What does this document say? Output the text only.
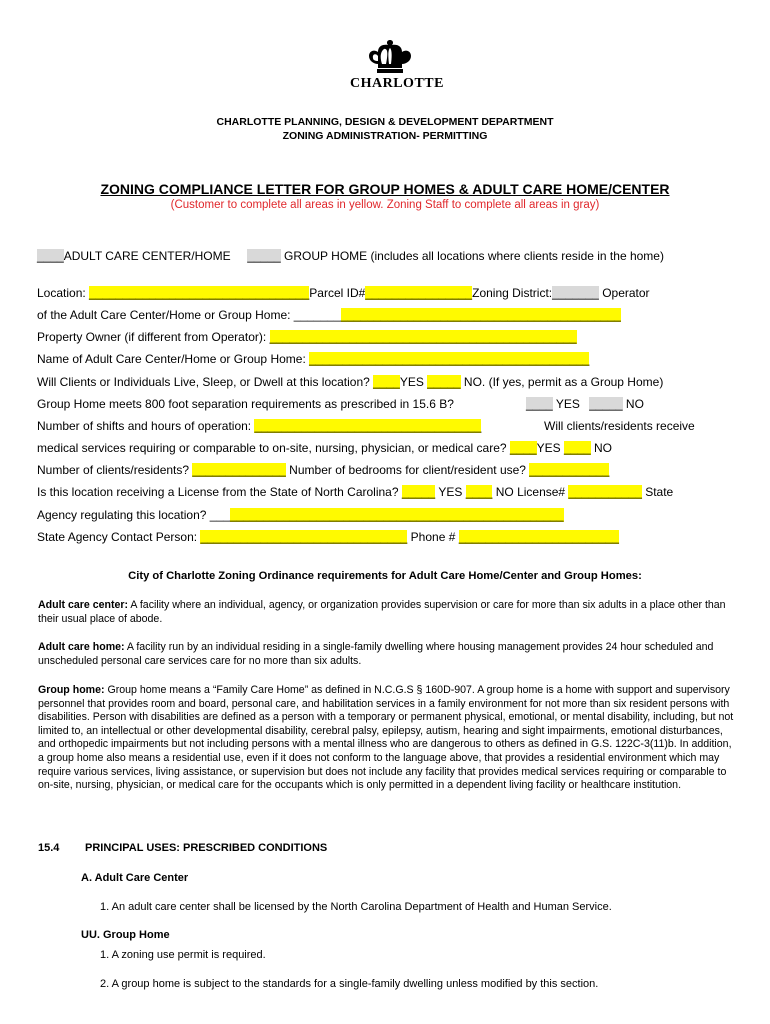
CHARLOTTE
CHARLOTTE PLANNING, DESIGN & DEVELOPMENT DEPARTMENT
ZONING ADMINISTRATION- PERMITTING
ZONING COMPLIANCE LETTER FOR GROUP HOMES & ADULT CARE HOME/CENTER
(Customer to complete all areas in yellow. Zoning Staff to complete all areas in gray)
____ADULT CARE CENTER/HOME _____ GROUP HOME (includes all locations where clients reside in the home)
Location: _________________________________Parcel ID#________________Zoning District:_______ Operator
of the Adult Care Center/Home or Group Home: _________________________________________________
Property Owner (if different from Operator): ______________________________________________
Name of Adult Care Center/Home or Group Home: __________________________________________
Will Clients or Individuals Live, Sleep, or Dwell at this location? ____YES _____ NO. (If yes, permit as a Group Home)
Group Home meets 800 foot separation requirements as prescribed in 15.6 B?	____ YES _____ NO
Number of shifts and hours of operation: __________________________________	Will clients/residents receive
medical services requiring or comparable to on-site, nursing, physician, or medical care? ____YES ____ NO
Number of clients/residents? ______________ Number of bedrooms for client/resident use? ____________
Is this location receiving a License from the State of North Carolina? _____ YES ____ NO License# ___________ State
Agency regulating this location? _____________________________________________________
State Agency Contact Person: _______________________________ Phone # ________________________
City of Charlotte Zoning Ordinance requirements for Adult Care Home/Center and Group Homes:
Adult care center: A facility where an individual, agency, or organization provides supervision or care for more than six adults in a place other than their usual place of abode.
Adult care home: A facility run by an individual residing in a single-family dwelling where housing management provides 24 hour scheduled and unscheduled personal care services care for no more than six adults.
Group home: Group home means a “Family Care Home” as defined in N.C.G.S § 160D-907. A group home is a home with support and supervisory personnel that provides room and board, personal care, and habilitation services in a family environment for not more than six resident persons with disabilities. Person with disabilities are defined as a person with a temporary or permanent physical, emotional, or mental disability, including, but not limited to, an intellectual or other developmental disability, cerebral palsy, epilepsy, autism, hearing and sight impairments, emotional disturbances, and orthopedic impairments but not including persons with a mental illness who are dangerous to others as defined in G.S. 122C-3(11)b. In addition, a group home also means a residential use, even if it does not conform to the language above, that provides a residential environment which may require various services, living assistance, or supervision but does not include any facility that provides medical services requiring or comparable to on-site, nursing, physician, or medical care for the occupants which is only permitted in a dependent living facility or healthcare institution.
15.4 PRINCIPAL USES: PRESCRIBED CONDITIONS
A. Adult Care Center
1. An adult care center shall be licensed by the North Carolina Department of Health and Human Service.
UU. Group Home
1. A zoning use permit is required.
2. A group home is subject to the standards for a single-family dwelling unless modified by this section.
